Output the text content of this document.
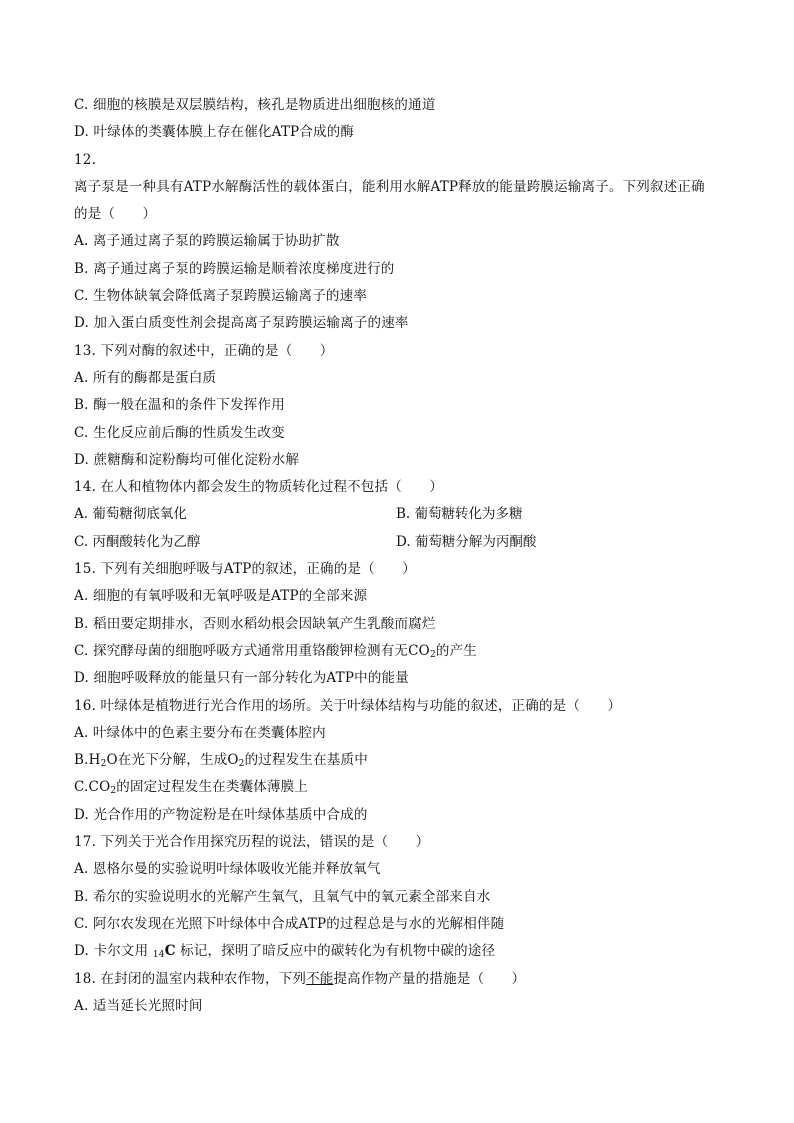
C. 细胞的核膜是双层膜结构，核孔是物质进出细胞核的通道
D. 叶绿体的类囊体膜上存在催化ATP合成的酶
12.
离子泵是一种具有ATP水解酶活性的载体蛋白，能利用水解ATP释放的能量跨膜运输离子。下列叙述正确
的是（　　）
A. 离子通过离子泵的跨膜运输属于协助扩散
B. 离子通过离子泵的跨膜运输是顺着浓度梯度进行的
C. 生物体缺氧会降低离子泵跨膜运输离子的速率
D. 加入蛋白质变性剂会提高离子泵跨膜运输离子的速率
13. 下列对酶的叙述中，正确的是（　　）
A. 所有的酶都是蛋白质
B. 酶一般在温和的条件下发挥作用
C. 生化反应前后酶的性质发生改变
D. 蔗糖酶和淀粉酶均可催化淀粉水解
14. 在人和植物体内都会发生的物质转化过程不包括（　　）
A. 葡萄糖彻底氧化	B. 葡萄糖转化为多糖
C. 丙酮酸转化为乙醇	D. 葡萄糖分解为丙酮酸
15. 下列有关细胞呼吸与ATP的叙述，正确的是（　　）
A. 细胞的有氧呼吸和无氧呼吸是ATP的全部来源
B. 稻田要定期排水，否则水稻幼根会因缺氧产生乳酸而腐烂
C. 探究酵母菌的细胞呼吸方式通常用重铬酸钾检测有无$CO_2$的产生
D. 细胞呼吸释放的能量只有一部分转化为ATP中的能量
16. 叶绿体是植物进行光合作用的场所。关于叶绿体结构与功能的叙述，正确的是（　　）
A. 叶绿体中的色素主要分布在类囊体腔内
$B.H_2O$在光下分解，生成$O_2$的过程发生在基质中
$C.CO_2$的固定过程发生在类囊体薄膜上
D. 光合作用的产物淀粉是在叶绿体基质中合成的
17. 下列关于光合作用探究历程的说法，错误的是（　　）
A. 恩格尔曼的实验说明叶绿体吸收光能并释放氧气
B. 希尔的实验说明水的光解产生氧气，且氧气中的氧元素全部来自水
C. 阿尔农发现在光照下叶绿体中合成ATP的过程总是与水的光解相伴随
D. 卡尔文用 $_{14}$C 标记，探明了暗反应中的碳转化为有机物中碳的途径
18. 在封闭的温室内栽种农作物，下列不能提高作物产量的措施是（　　）
A. 适当延长光照时间
